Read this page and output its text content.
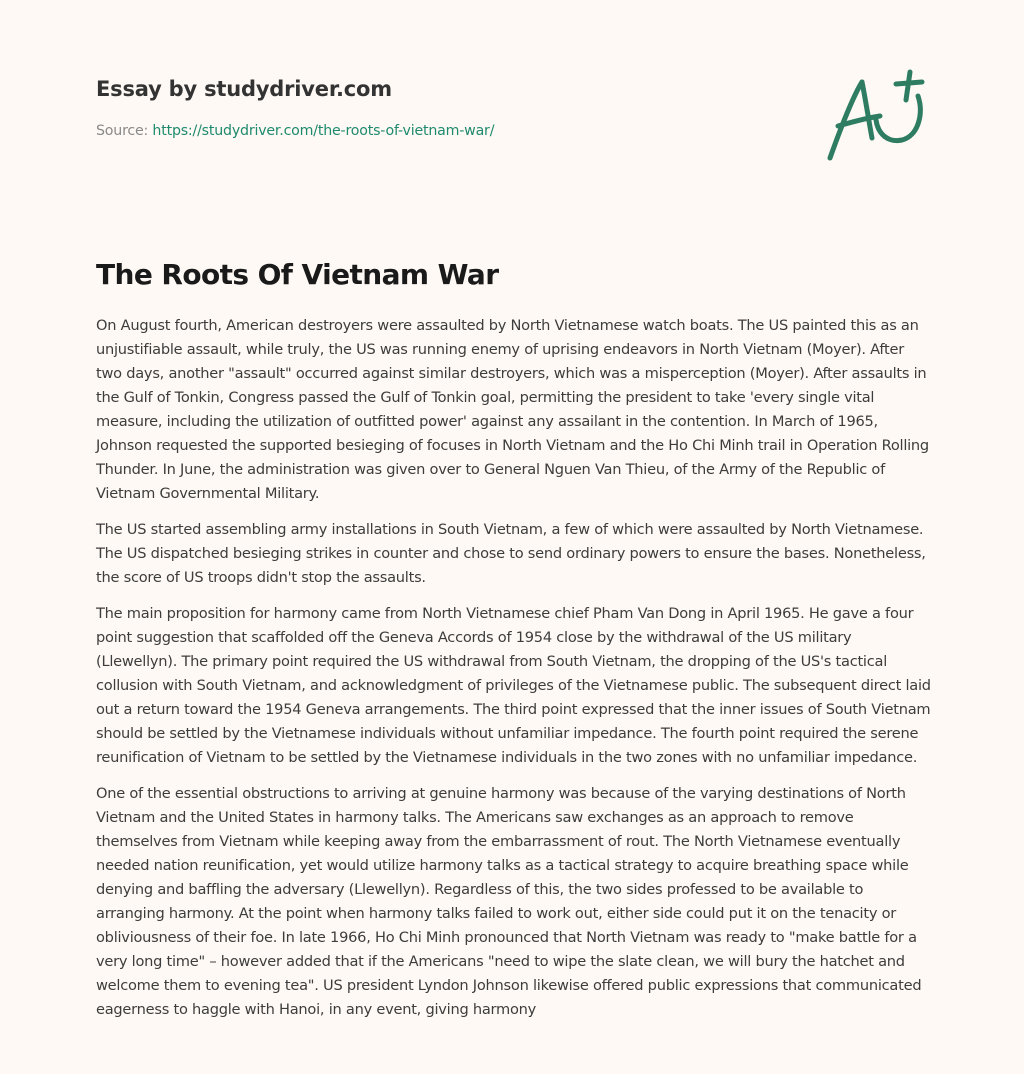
Essay by studydriver.com
Source: https://studydriver.com/the-roots-of-vietnam-war/
The Roots Of Vietnam War

On August fourth, American destroyers were assaulted by North Vietnamese watch boats. The US painted this as an unjustifiable assault, while truly, the US was running enemy of uprising endeavors in North Vietnam (Moyer). After two days, another "assault" occurred against similar destroyers, which was a misperception (Moyer). After assaults in the Gulf of Tonkin, Congress passed the Gulf of Tonkin goal, permitting the president to take 'every single vital measure, including the utilization of outfitted power' against any assailant in the contention. In March of 1965, Johnson requested the supported besieging of focuses in North Vietnam and the Ho Chi Minh trail in Operation Rolling Thunder. In June, the administration was given over to General Nguen Van Thieu, of the Army of the Republic of Vietnam Governmental Military.

The US started assembling army installations in South Vietnam, a few of which were assaulted by North Vietnamese. The US dispatched besieging strikes in counter and chose to send ordinary powers to ensure the bases. Nonetheless, the score of US troops didn't stop the assaults.

The main proposition for harmony came from North Vietnamese chief Pham Van Dong in April 1965. He gave a four point suggestion that scaffolded off the Geneva Accords of 1954 close by the withdrawal of the US military (Llewellyn). The primary point required the US withdrawal from South Vietnam, the dropping of the US's tactical collusion with South Vietnam, and acknowledgment of privileges of the Vietnamese public. The subsequent direct laid out a return toward the 1954 Geneva arrangements. The third point expressed that the inner issues of South Vietnam should be settled by the Vietnamese individuals without unfamiliar impedance. The fourth point required the serene reunification of Vietnam to be settled by the Vietnamese individuals in the two zones with no unfamiliar impedance.

One of the essential obstructions to arriving at genuine harmony was because of the varying destinations of North Vietnam and the United States in harmony talks. The Americans saw exchanges as an approach to remove themselves from Vietnam while keeping away from the embarrassment of rout. The North Vietnamese eventually needed nation reunification, yet would utilize harmony talks as a tactical strategy to acquire breathing space while denying and baffling the adversary (Llewellyn). Regardless of this, the two sides professed to be available to arranging harmony. At the point when harmony talks failed to work out, either side could put it on the tenacity or obliviousness of their foe. In late 1966, Ho Chi Minh pronounced that North Vietnam was ready to "make battle for a very long time" – however added that if the Americans "need to wipe the slate clean, we will bury the hatchet and welcome them to evening tea". US president Lyndon Johnson likewise offered public expressions that communicated eagerness to haggle with Hanoi, in any event, giving harmony
